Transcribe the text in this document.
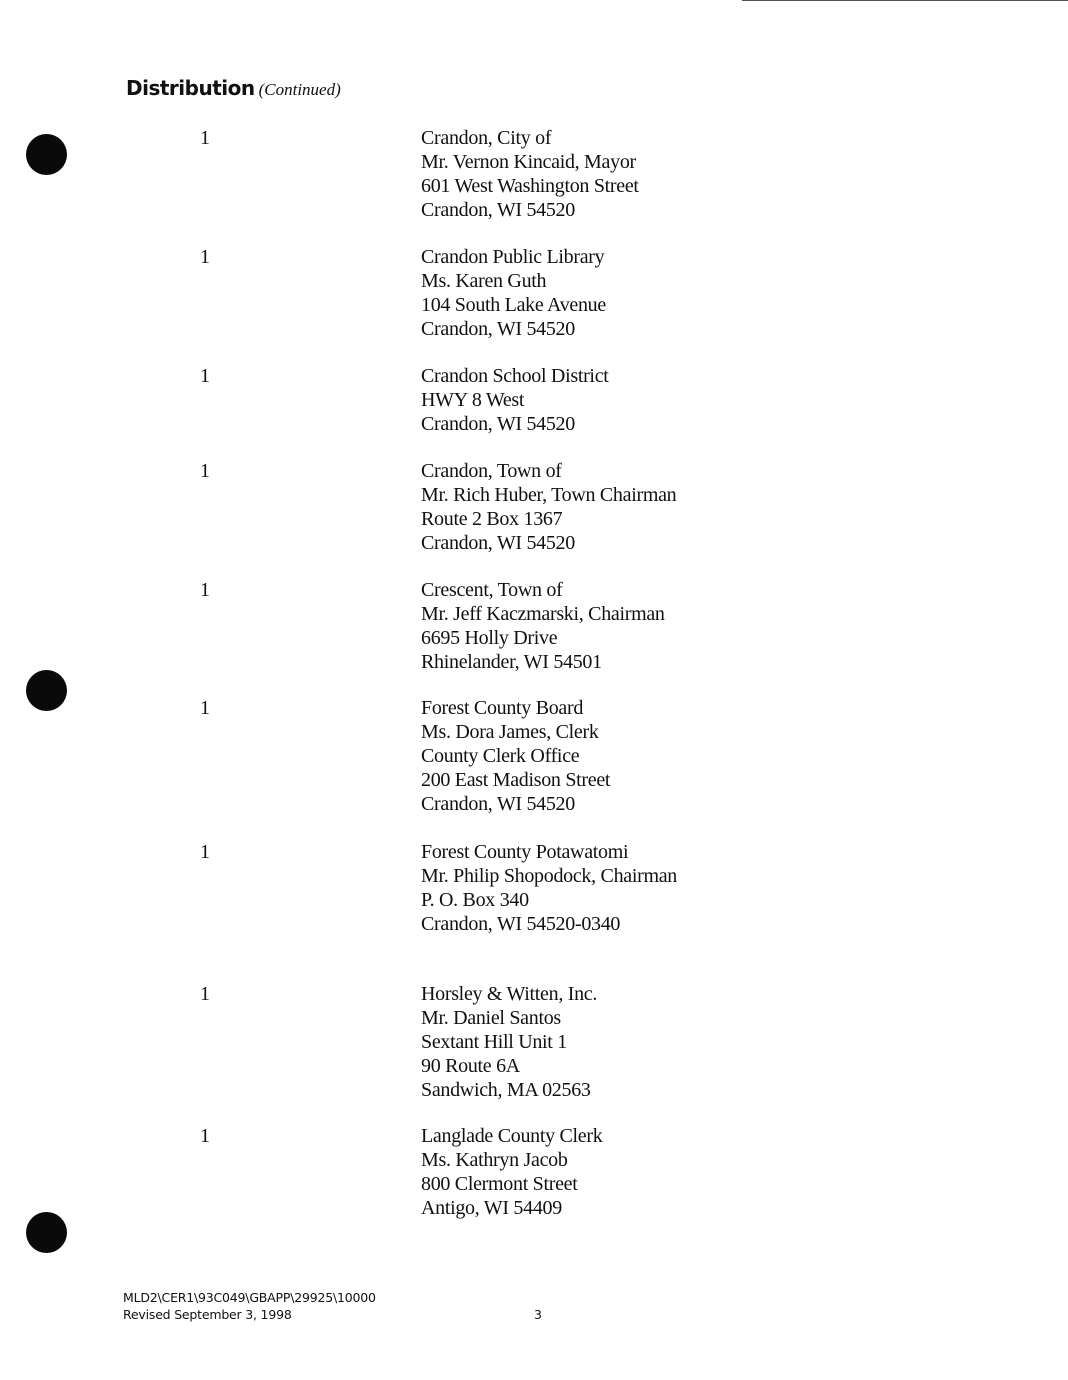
Distribution (Continued)
1	Crandon, City of
Mr. Vernon Kincaid, Mayor
601 West Washington Street
Crandon, WI 54520
1	Crandon Public Library
Ms. Karen Guth
104 South Lake Avenue
Crandon, WI 54520
1	Crandon School District
HWY 8 West
Crandon, WI 54520
1	Crandon, Town of
Mr. Rich Huber, Town Chairman
Route 2 Box 1367
Crandon, WI 54520
1	Crescent, Town of
Mr. Jeff Kaczmarski, Chairman
6695 Holly Drive
Rhinelander, WI 54501
1	Forest County Board
Ms. Dora James, Clerk
County Clerk Office
200 East Madison Street
Crandon, WI 54520
1	Forest County Potawatomi
Mr. Philip Shopodock, Chairman
P. O. Box 340
Crandon, WI 54520-0340
1	Horsley & Witten, Inc.
Mr. Daniel Santos
Sextant Hill Unit 1
90 Route 6A
Sandwich, MA 02563
1	Langlade County Clerk
Ms. Kathryn Jacob
800 Clermont Street
Antigo, WI 54409
MLD2\CER1\93C049\GBAPP\29925\10000
Revised September 3, 1998	3
